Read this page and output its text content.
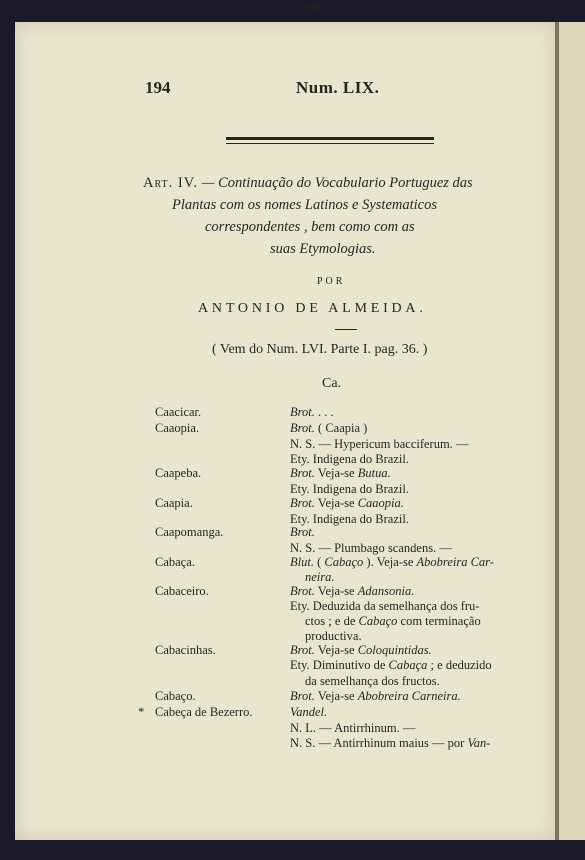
194	Num. LIX.
Art. IV. — Continuação do Vocabulario Portuguez das
Plantas com os nomes Latinos e Systematicos
correspondentes , bem como com as
suas Etymologias.
POR
ANTONIO DE ALMEIDA.
( Vem do Num. LVI. Parte I. pag. 36. )
Ca.
Caacicar.	Brot. . . .
Caaopia.	Brot. ( Caapia )
N. S. — Hypericum bacciferum. —
Ety. Indigena do Brazil.
Caapeba.	Brot. Veja-se Butua.
Ety. Indigena do Brazil.
Caapia.	Brot. Veja-se Caaopia.
Ety. Indigena do Brazil.
Caapomanga.	Brot.
N. S. — Plumbago scandens. —
Cabaça.	Blut. ( Cabaço ). Veja-se Abobreira Car-
neira.
Cabaceiro.	Brot. Veja-se Adansonia.
Ety. Deduzida da semelhança dos fru-
ctos ; e de Cabaço com terminação
productiva.
Cabacinhas.	Brot. Veja-se Coloquintidas.
Ety. Diminutivo de Cabaça ; e deduzido
da semelhança dos fructos.
Cabaço.	Brot. Veja-se Abobreira Carneira.
* Cabeça de Bezerro.	Vandel.
N. L. — Antirrhinum. —
N. S. — Antirrhinum maius — por Van-
del.
